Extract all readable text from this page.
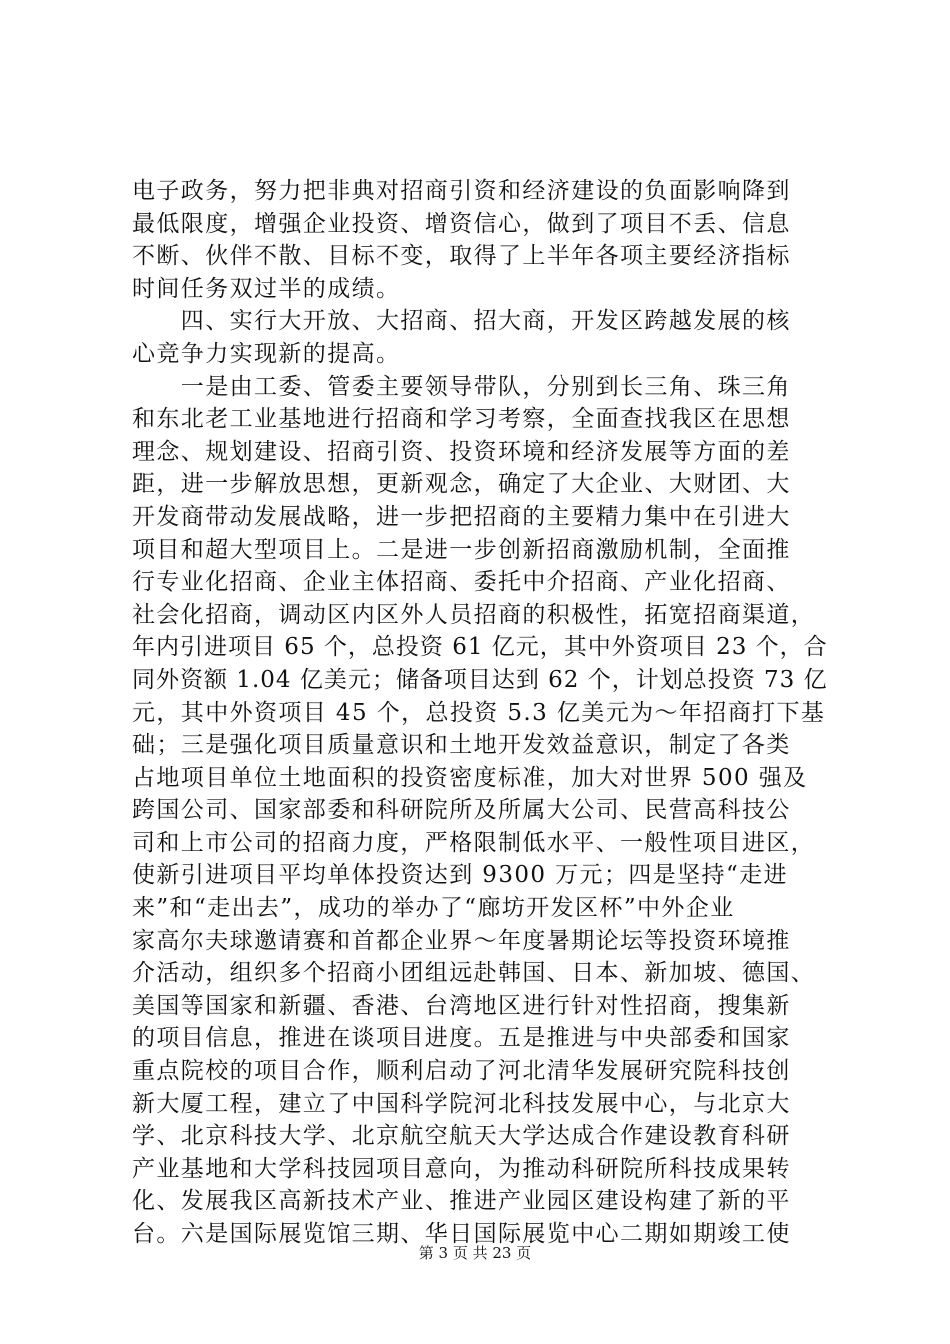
电子政务，努力把非典对招商引资和经济建设的负面影响降到
最低限度，增强企业投资、增资信心，做到了项目不丢、信息
不断、伙伴不散、目标不变，取得了上半年各项主要经济指标
时间任务双过半的成绩。
　　四、实行大开放、大招商、招大商，开发区跨越发展的核
心竞争力实现新的提高。
　　一是由工委、管委主要领导带队，分别到长三角、珠三角
和东北老工业基地进行招商和学习考察，全面查找我区在思想
理念、规划建设、招商引资、投资环境和经济发展等方面的差
距，进一步解放思想，更新观念，确定了大企业、大财团、大
开发商带动发展战略，进一步把招商的主要精力集中在引进大
项目和超大型项目上。二是进一步创新招商激励机制，全面推
行专业化招商、企业主体招商、委托中介招商、产业化招商、
社会化招商，调动区内区外人员招商的积极性，拓宽招商渠道，
年内引进项目 65 个，总投资 61 亿元，其中外资项目 23 个，合
同外资额 1.04 亿美元；储备项目达到 62 个，计划总投资 73 亿
元，其中外资项目 45 个，总投资 5.3 亿美元为～年招商打下基
础；三是强化项目质量意识和土地开发效益意识，制定了各类
占地项目单位土地面积的投资密度标准，加大对世界 500 强及
跨国公司、国家部委和科研院所及所属大公司、民营高科技公
司和上市公司的招商力度，严格限制低水平、一般性项目进区，
使新引进项目平均单体投资达到 9300 万元；四是坚持“走进
来”和“走出去”，成功的举办了“廊坊开发区杯”中外企业
家高尔夫球邀请赛和首都企业界～年度暑期论坛等投资环境推
介活动，组织多个招商小团组远赴韩国、日本、新加坡、德国、
美国等国家和新疆、香港、台湾地区进行针对性招商，搜集新
的项目信息，推进在谈项目进度。五是推进与中央部委和国家
重点院校的项目合作，顺利启动了河北清华发展研究院科技创
新大厦工程，建立了中国科学院河北科技发展中心，与北京大
学、北京科技大学、北京航空航天大学达成合作建设教育科研
产业基地和大学科技园项目意向，为推动科研院所科技成果转
化、发展我区高新技术产业、推进产业园区建设构建了新的平
台。六是国际展览馆三期、华日国际展览中心二期如期竣工使
第 3 页 共 23 页
